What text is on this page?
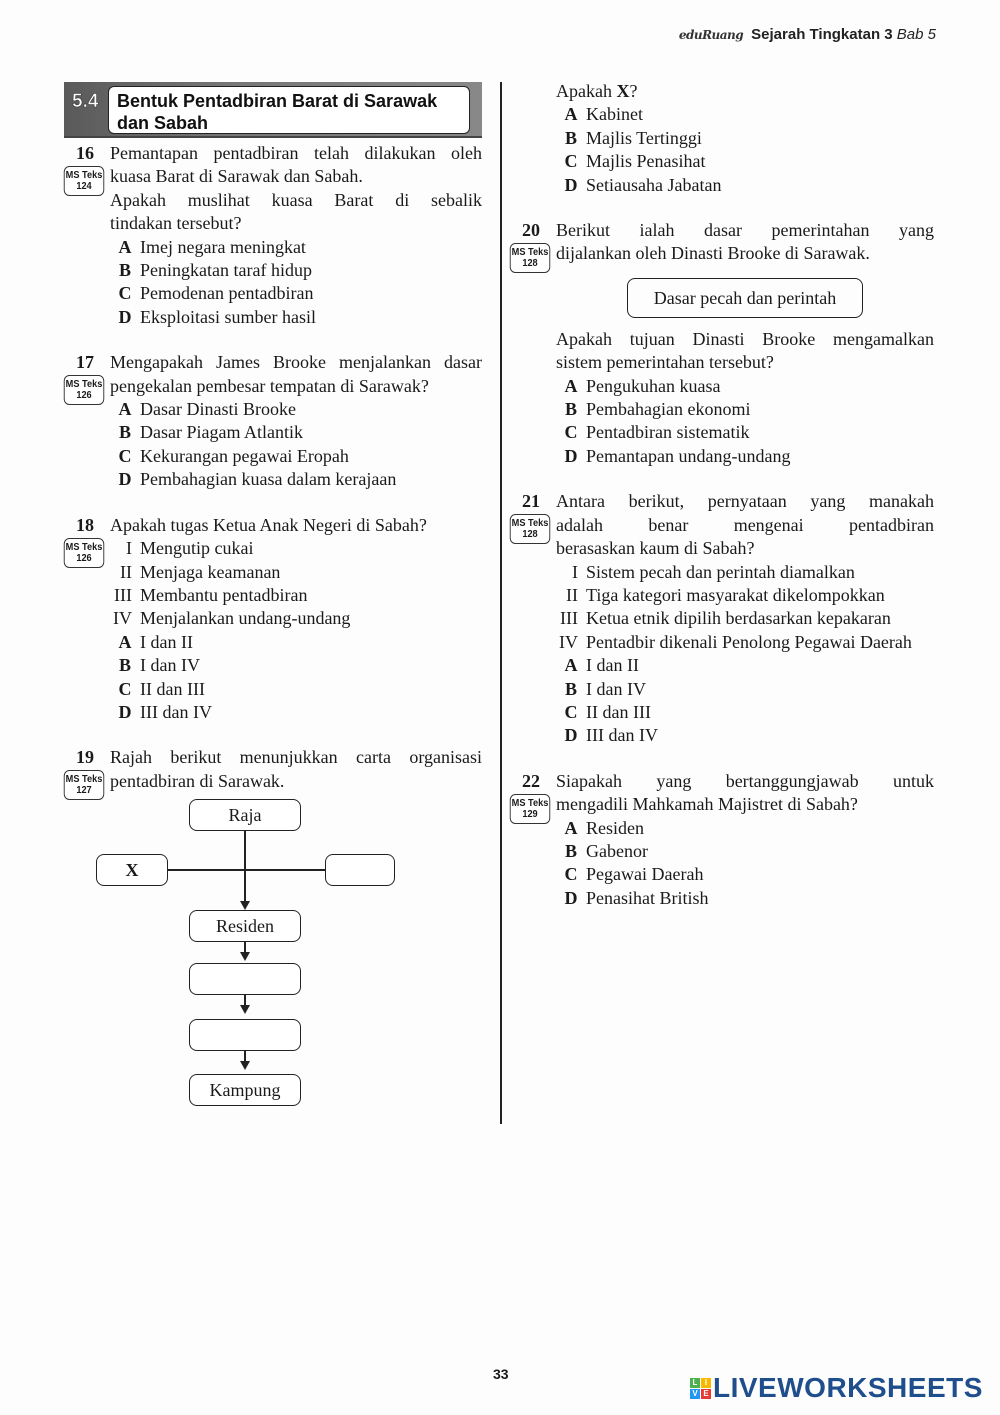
eduRuang Sejarah Tingkatan 3 Bab 5
5.4 Bentuk Pentadbiran Barat di Sarawak
dan Sabah
16
MS Teks
124
Pemantapan pentadbiran telah dilakukan oleh
kuasa Barat di Sarawak dan Sabah.
Apakah muslihat kuasa Barat di sebalik
tindakan tersebut?
A Imej negara meningkat
B Peningkatan taraf hidup
C Pemodenan pentadbiran
D Eksploitasi sumber hasil
17
MS Teks
126
Mengapakah James Brooke menjalankan dasar
pengekalan pembesar tempatan di Sarawak?
A Dasar Dinasti Brooke
B Dasar Piagam Atlantik
C Kekurangan pegawai Eropah
D Pembahagian kuasa dalam kerajaan
18
MS Teks
126
Apakah tugas Ketua Anak Negeri di Sabah?
I Mengutip cukai
II Menjaga keamanan
III Membantu pentadbiran
IV Menjalankan undang-undang
A I dan II
B I dan IV
C II dan III
D III dan IV
19
MS Teks
127
Rajah berikut menunjukkan carta organisasi
pentadbiran di Sarawak.
Raja
X
Residen
Kampung
Apakah X?
A Kabinet
B Majlis Tertinggi
C Majlis Penasihat
D Setiausaha Jabatan
20
MS Teks
128
Berikut ialah dasar pemerintahan yang
dijalankan oleh Dinasti Brooke di Sarawak.
Dasar pecah dan perintah
Apakah tujuan Dinasti Brooke mengamalkan
sistem pemerintahan tersebut?
A Pengukuhan kuasa
B Pembahagian ekonomi
C Pentadbiran sistematik
D Pemantapan undang-undang
21
MS Teks
128
Antara berikut, pernyataan yang manakah
adalah benar mengenai pentadbiran
berasaskan kaum di Sabah?
I Sistem pecah dan perintah diamalkan
II Tiga kategori masyarakat dikelompokkan
III Ketua etnik dipilih berdasarkan kepakaran
IV Pentadbir dikenali Penolong Pegawai Daerah
A I dan II
B I dan IV
C II dan III
D III dan IV
22
MS Teks
129
Siapakah yang bertanggungjawab untuk
mengadili Mahkamah Majistret di Sabah?
A Residen
B Gabenor
C Pegawai Daerah
D Penasihat British
33	L I
V E LIVEWORKSHEETS
